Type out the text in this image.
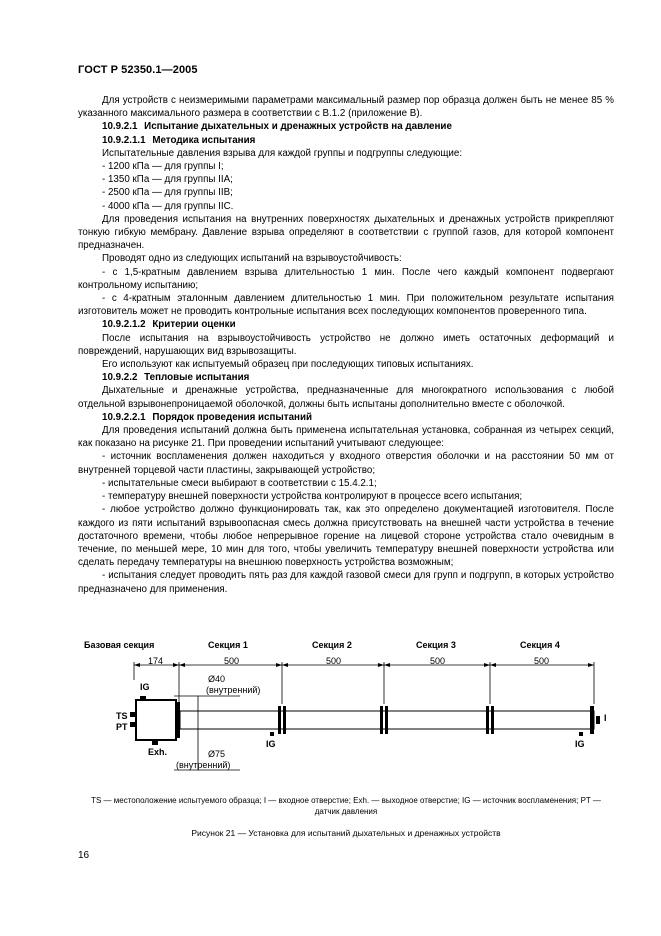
ГОСТ Р 52350.1—2005

Для устройств с неизмеримыми параметрами максимальный размер пор образца должен быть не менее 85 % указанного максимального размера в соответствии с В.1.2 (приложение В).

10.9.2.1 Испытание дыхательных и дренажных устройств на давление

10.9.2.1.1 Методика испытания

Испытательные давления взрыва для каждой группы и подгруппы следующие:

- 1200 кПа — для группы I;

- 1350 кПа — для группы IIA;

- 2500 кПа — для группы IIB;

- 4000 кПа — для группы IIC.

Для проведения испытания на внутренних поверхностях дыхательных и дренажных устройств прикрепляют тонкую гибкую мембрану. Давление взрыва определяют в соответствии с группой газов, для которой компонент предназначен.

Проводят одно из следующих испытаний на взрывоустойчивость:

- с 1,5-кратным давлением взрыва длительностью 1 мин. После чего каждый компонент подвергают контрольному испытанию;

- с 4-кратным эталонным давлением длительностью 1 мин. При положительном результате испытания изготовитель может не проводить контрольные испытания всех последующих компонентов проверенного типа.

10.9.2.1.2 Критерии оценки

После испытания на взрывоустойчивость устройство не должно иметь остаточных деформаций и повреждений, нарушающих вид взрывозащиты.

Его используют как испытуемый образец при последующих типовых испытаниях.

10.9.2.2 Тепловые испытания

Дыхательные и дренажные устройства, предназначенные для многократного использования с любой отдельной взрывонепроницаемой оболочкой, должны быть испытаны дополнительно вместе с оболочкой.

10.9.2.2.1 Порядок проведения испытаний

Для проведения испытаний должна быть применена испытательная установка, собранная из четырех секций, как показано на рисунке 21. При проведении испытаний учитывают следующее:

- источник воспламенения должен находиться у входного отверстия оболочки и на расстоянии 50 мм от внутренней торцевой части пластины, закрывающей устройство;

- испытательные смеси выбирают в соответствии с 15.4.2.1;

- температуру внешней поверхности устройства контролируют в процессе всего испытания;

- любое устройство должно функционировать так, как это определено документацией изготовителя. После каждого из пяти испытаний взрывоопасная смесь должна присутствовать на внешней части устройства в течение достаточного времени, чтобы любое непрерывное горение на лицевой стороне устройства стало очевидным в течение, по меньшей мере, 10 мин для того, чтобы увеличить температуру внешней поверхности устройства или сделать передачу температуры на внешнюю поверхность устройства возможным;

- испытания следует проводить пять раз для каждой газовой смеси для групп и подгрупп, в которых устройство предназначено для применения.

Базовая секция	Секция 1	Секция 2	Секция 3	Секция 4
174	500	500	500	500
IG
TS
PT
Exh.
IG	IG
I
Ø40
(внутренний)
Ø75
(внутренний)
TS — местоположение испытуемого образца; I — входное отверстие; Exh. — выходное отверстие; IG — источник воспламенения; PT — датчик давления
Рисунок 21 — Установка для испытаний дыхательных и дренажных устройств
16
